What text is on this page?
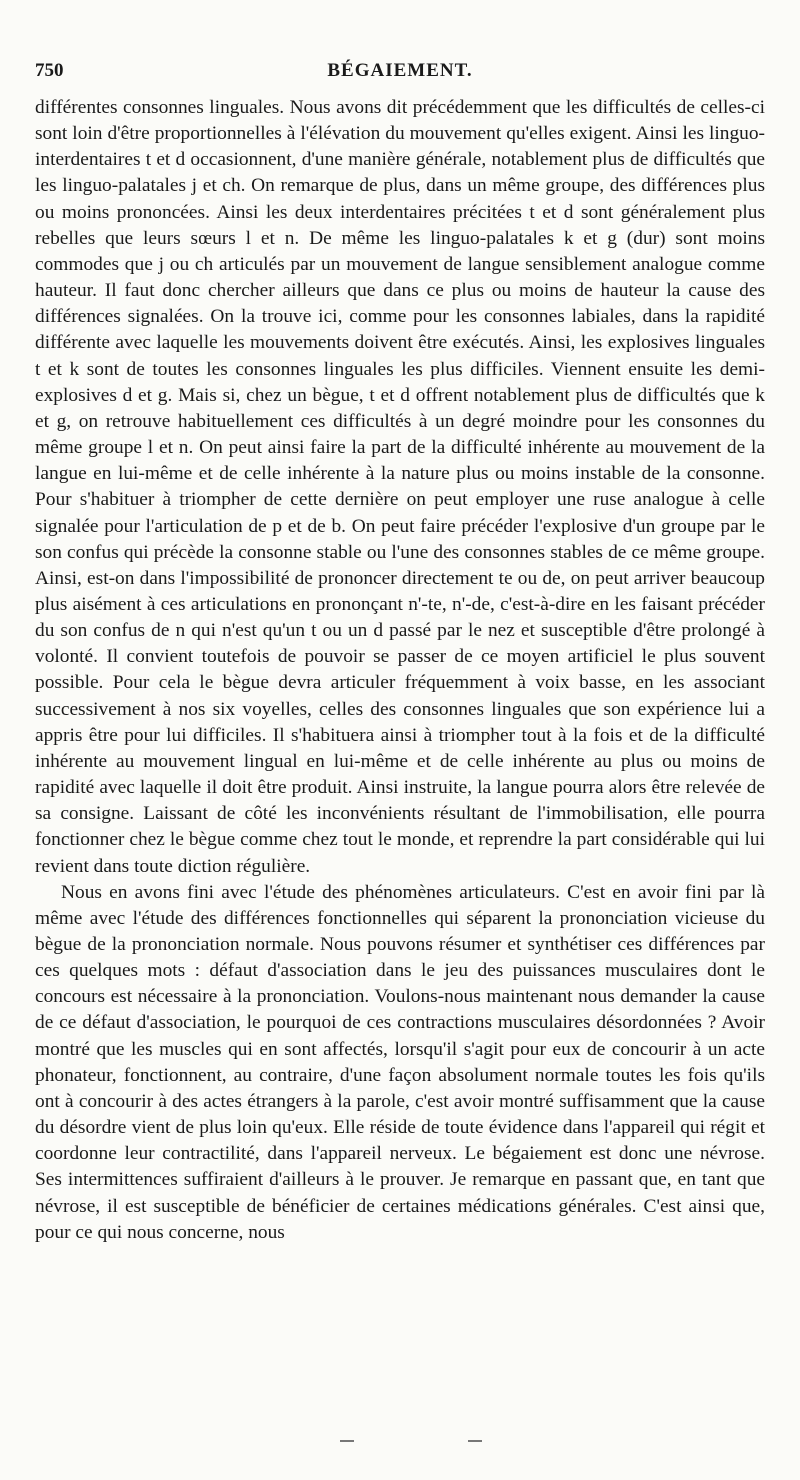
750	BÉGAIEMENT.

différentes consonnes linguales. Nous avons dit précédemment que les difficultés de celles-ci sont loin d'être proportionnelles à l'élévation du mouvement qu'elles exigent. Ainsi les linguo-interdentaires t et d occasionnent, d'une manière générale, notablement plus de difficultés que les linguo-palatales j et ch. On remarque de plus, dans un même groupe, des différences plus ou moins prononcées. Ainsi les deux interdentaires précitées t et d sont généralement plus rebelles que leurs sœurs l et n. De même les linguo-palatales k et g (dur) sont moins commodes que j ou ch articulés par un mouvement de langue sensiblement analogue comme hauteur. Il faut donc chercher ailleurs que dans ce plus ou moins de hauteur la cause des différences signalées. On la trouve ici, comme pour les consonnes labiales, dans la rapidité différente avec laquelle les mouvements doivent être exécutés. Ainsi, les explosives linguales t et k sont de toutes les consonnes linguales les plus difficiles. Viennent ensuite les demi-explosives d et g. Mais si, chez un bègue, t et d offrent notablement plus de difficultés que k et g, on retrouve habituellement ces difficultés à un degré moindre pour les consonnes du même groupe l et n. On peut ainsi faire la part de la difficulté inhérente au mouvement de la langue en lui-même et de celle inhérente à la nature plus ou moins instable de la consonne. Pour s'habituer à triompher de cette dernière on peut employer une ruse analogue à celle signalée pour l'articulation de p et de b. On peut faire précéder l'explosive d'un groupe par le son confus qui précède la consonne stable ou l'une des consonnes stables de ce même groupe. Ainsi, est-on dans l'impossibilité de prononcer directement te ou de, on peut arriver beaucoup plus aisément à ces articulations en prononçant n'-te, n'-de, c'est-à-dire en les faisant précéder du son confus de n qui n'est qu'un t ou un d passé par le nez et susceptible d'être prolongé à volonté. Il convient toutefois de pouvoir se passer de ce moyen artificiel le plus souvent possible. Pour cela le bègue devra articuler fréquemment à voix basse, en les associant successivement à nos six voyelles, celles des consonnes linguales que son expérience lui a appris être pour lui difficiles. Il s'habituera ainsi à triompher tout à la fois et de la difficulté inhérente au mouvement lingual en lui-même et de celle inhérente au plus ou moins de rapidité avec laquelle il doit être produit. Ainsi instruite, la langue pourra alors être relevée de sa consigne. Laissant de côté les inconvénients résultant de l'immobilisation, elle pourra fonctionner chez le bègue comme chez tout le monde, et reprendre la part considérable qui lui revient dans toute diction régulière.

Nous en avons fini avec l'étude des phénomènes articulateurs. C'est en avoir fini par là même avec l'étude des différences fonctionnelles qui séparent la prononciation vicieuse du bègue de la prononciation normale. Nous pouvons résumer et synthétiser ces différences par ces quelques mots : défaut d'association dans le jeu des puissances musculaires dont le concours est nécessaire à la prononciation. Voulons-nous maintenant nous demander la cause de ce défaut d'association, le pourquoi de ces contractions musculaires désordonnées ? Avoir montré que les muscles qui en sont affectés, lorsqu'il s'agit pour eux de concourir à un acte phonateur, fonctionnent, au contraire, d'une façon absolument normale toutes les fois qu'ils ont à concourir à des actes étrangers à la parole, c'est avoir montré suffisamment que la cause du désordre vient de plus loin qu'eux. Elle réside de toute évidence dans l'appareil qui régit et coordonne leur contractilité, dans l'appareil nerveux. Le bégaiement est donc une névrose. Ses intermittences suffiraient d'ailleurs à le prouver. Je remarque en passant que, en tant que névrose, il est susceptible de bénéficier de certaines médications générales. C'est ainsi que, pour ce qui nous concerne, nous
